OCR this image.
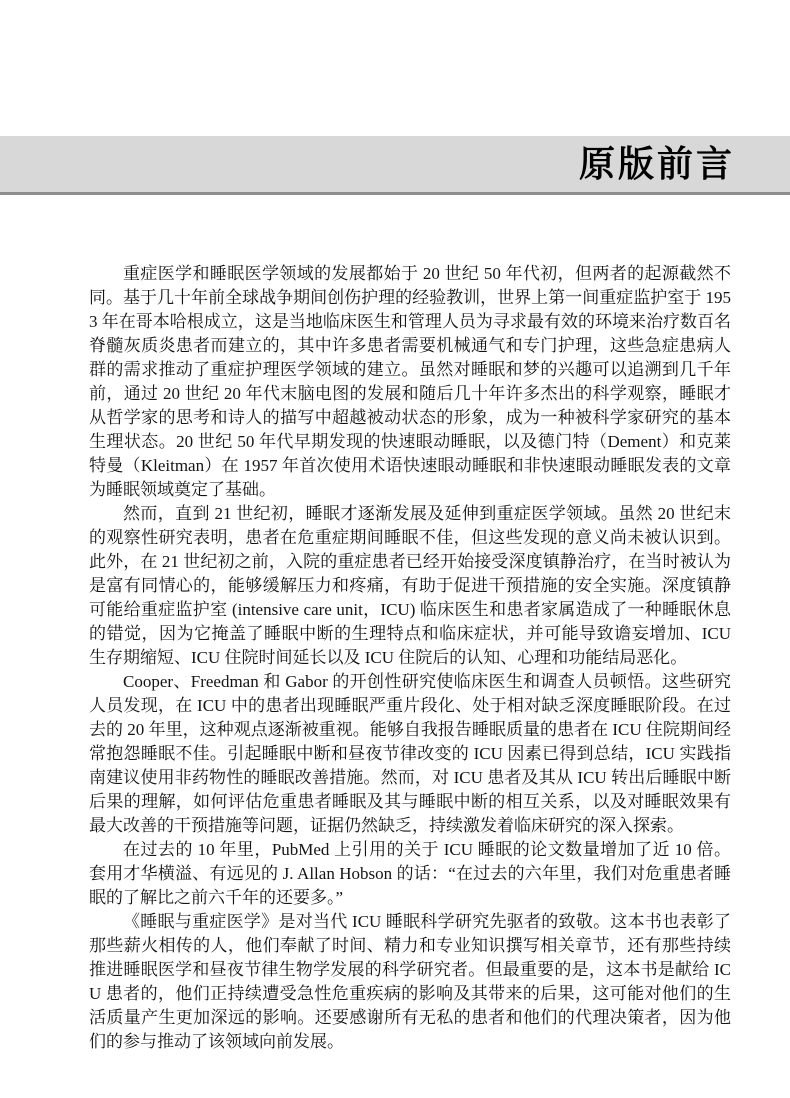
原版前言

重症医学和睡眠医学领域的发展都始于 20 世纪 50 年代初，但两者的起源截然不同。基于几十年前全球战争期间创伤护理的经验教训，世界上第一间重症监护室于 1953 年在哥本哈根成立，这是当地临床医生和管理人员为寻求最有效的环境来治疗数百名脊髓灰质炎患者而建立的，其中许多患者需要机械通气和专门护理，这些急症患病人群的需求推动了重症护理医学领域的建立。虽然对睡眠和梦的兴趣可以追溯到几千年前，通过 20 世纪 20 年代末脑电图的发展和随后几十年许多杰出的科学观察，睡眠才从哲学家的思考和诗人的描写中超越被动状态的形象，成为一种被科学家研究的基本生理状态。20 世纪 50 年代早期发现的快速眼动睡眠，以及德门特（Dement）和克莱特曼（Kleitman）在 1957 年首次使用术语快速眼动睡眠和非快速眼动睡眠发表的文章为睡眠领域奠定了基础。

然而，直到 21 世纪初，睡眠才逐渐发展及延伸到重症医学领域。虽然 20 世纪末的观察性研究表明，患者在危重症期间睡眠不佳，但这些发现的意义尚未被认识到。此外，在 21 世纪初之前，入院的重症患者已经开始接受深度镇静治疗，在当时被认为是富有同情心的，能够缓解压力和疼痛，有助于促进干预措施的安全实施。深度镇静可能给重症监护室 (intensive care unit，ICU) 临床医生和患者家属造成了一种睡眠休息的错觉，因为它掩盖了睡眠中断的生理特点和临床症状，并可能导致谵妄增加、ICU 生存期缩短、ICU 住院时间延长以及 ICU 住院后的认知、心理和功能结局恶化。

Cooper、Freedman 和 Gabor 的开创性研究使临床医生和调查人员顿悟。这些研究人员发现，在 ICU 中的患者出现睡眠严重片段化、处于相对缺乏深度睡眠阶段。在过去的 20 年里，这种观点逐渐被重视。能够自我报告睡眠质量的患者在 ICU 住院期间经常抱怨睡眠不佳。引起睡眠中断和昼夜节律改变的 ICU 因素已得到总结，ICU 实践指南建议使用非药物性的睡眠改善措施。然而，对 ICU 患者及其从 ICU 转出后睡眠中断后果的理解，如何评估危重患者睡眠及其与睡眠中断的相互关系，以及对睡眠效果有最大改善的干预措施等问题，证据仍然缺乏，持续激发着临床研究的深入探索。

在过去的 10 年里，PubMed 上引用的关于 ICU 睡眠的论文数量增加了近 10 倍。套用才华横溢、有远见的 J. Allan Hobson 的话：“在过去的六年里，我们对危重患者睡眠的了解比之前六千年的还要多。”

《睡眠与重症医学》是对当代 ICU 睡眠科学研究先驱者的致敬。这本书也表彰了那些薪火相传的人，他们奉献了时间、精力和专业知识撰写相关章节，还有那些持续推进睡眠医学和昼夜节律生物学发展的科学研究者。但最重要的是，这本书是献给 ICU 患者的，他们正持续遭受急性危重疾病的影响及其带来的后果，这可能对他们的生活质量产生更加深远的影响。还要感谢所有无私的患者和他们的代理决策者，因为他们的参与推动了该领域向前发展。
